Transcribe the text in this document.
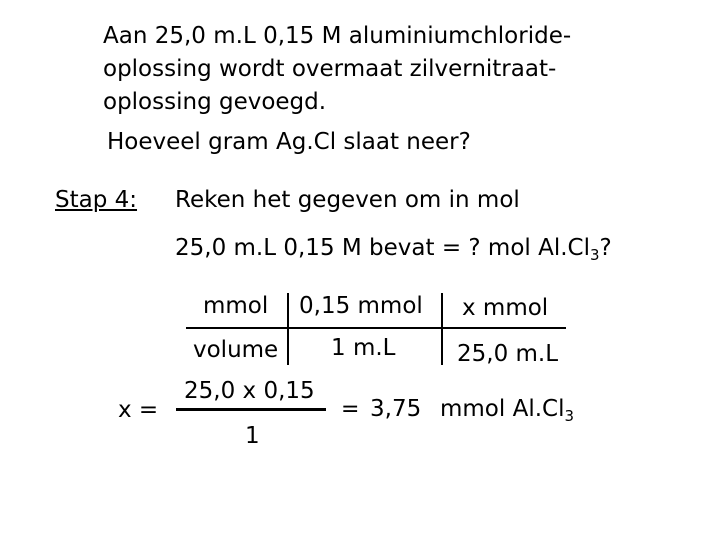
Aan 25,0 m.L 0,15 M aluminiumchloride-
oplossing wordt overmaat zilvernitraat-
oplossing gevoegd.
Hoeveel gram Ag.Cl slaat neer?
Stap 4: Reken het gegeven om in mol
25,0 m.L 0,15 M bevat = ? mol $Al.Cl_3$?
mmol
volume
0,15 mmol
1 m.L
x mmol
25,0 m.L
x =
25,0 x 0,15
1
= 3,75 mmol $Al.Cl_3$
